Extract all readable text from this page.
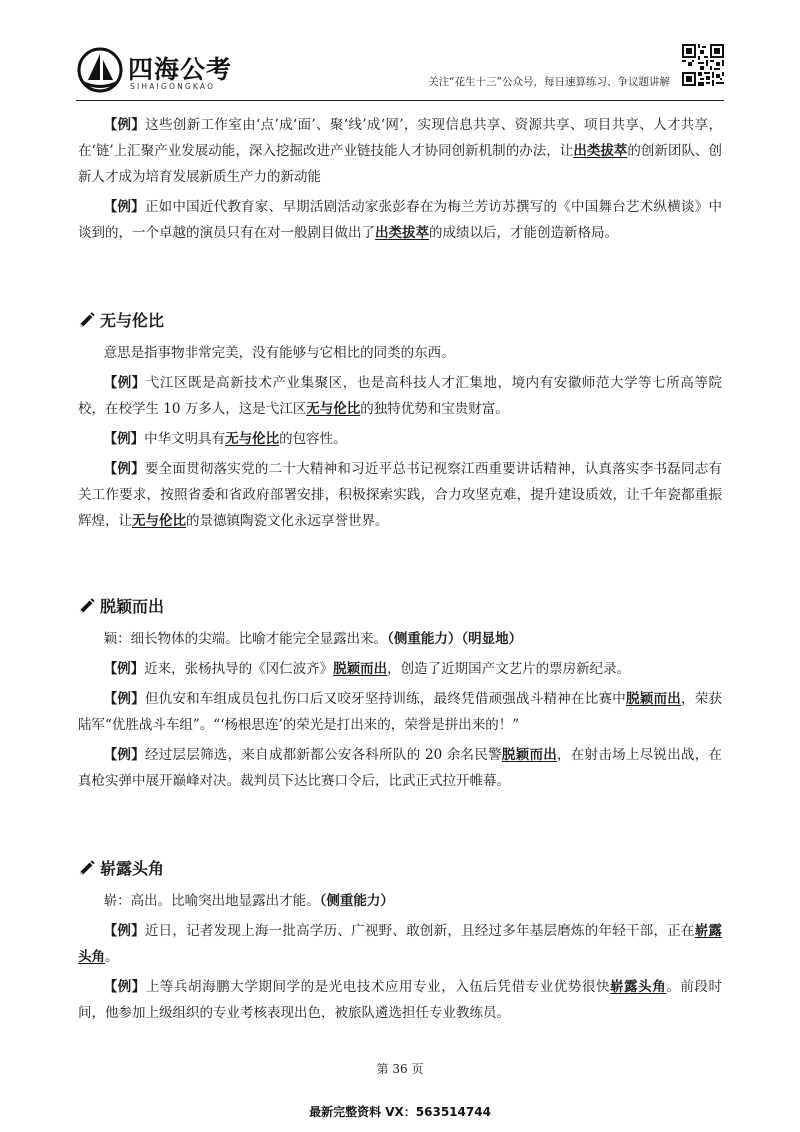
四海公考
SIHAIGONGKAO	关注“花生十三”公众号，每日速算练习、争议题讲解

【例】这些创新工作室由‘点’成‘面’、聚‘线’成‘网’，实现信息共享、资源共享、项目共享、人才共享，在‘链’上汇聚产业发展动能，深入挖掘改进产业链技能人才协同创新机制的办法，让出类拔萃的创新团队、创新人才成为培育发展新质生产力的新动能

【例】正如中国近代教育家、早期活剧活动家张彭春在为梅兰芳访苏撰写的《中国舞台艺术纵横谈》中谈到的，一个卓越的演员只有在对一般剧目做出了出类拔萃的成绩以后，才能创造新格局。

无与伦比

意思是指事物非常完美，没有能够与它相比的同类的东西。

【例】弋江区既是高新技术产业集聚区，也是高科技人才汇集地，境内有安徽师范大学等七所高等院校，在校学生 10 万多人，这是弋江区无与伦比的独特优势和宝贵财富。

【例】中华文明具有无与伦比的包容性。

【例】要全面贯彻落实党的二十大精神和习近平总书记视察江西重要讲话精神，认真落实李书磊同志有关工作要求，按照省委和省政府部署安排，积极探索实践，合力攻坚克难，提升建设质效，让千年瓷都重振辉煌，让无与伦比的景德镇陶瓷文化永远享誉世界。

脱颖而出

颖：细长物体的尖端。比喻才能完全显露出来。（侧重能力）（明显地）

【例】近来，张杨执导的《冈仁波齐》脱颖而出，创造了近期国产文艺片的票房新纪录。

【例】但仇安和车组成员包扎伤口后又咬牙坚持训练，最终凭借顽强战斗精神在比赛中脱颖而出，荣获陆军“优胜战斗车组”。“‘杨根思连’的荣光是打出来的，荣誉是拼出来的！”

【例】经过层层筛选，来自成都新都公安各科所队的 20 余名民警脱颖而出，在射击场上尽锐出战，在真枪实弹中展开巅峰对决。裁判员下达比赛口令后，比武正式拉开帷幕。

崭露头角

崭：高出。比喻突出地显露出才能。（侧重能力）

【例】近日，记者发现上海一批高学历、广视野、敢创新，且经过多年基层磨炼的年轻干部，正在崭露头角。

【例】上等兵胡海鹏大学期间学的是光电技术应用专业，入伍后凭借专业优势很快崭露头角。前段时间，他参加上级组织的专业考核表现出色，被旅队遴选担任专业教练员。

第 36 页
最新完整资料 VX：563514744
